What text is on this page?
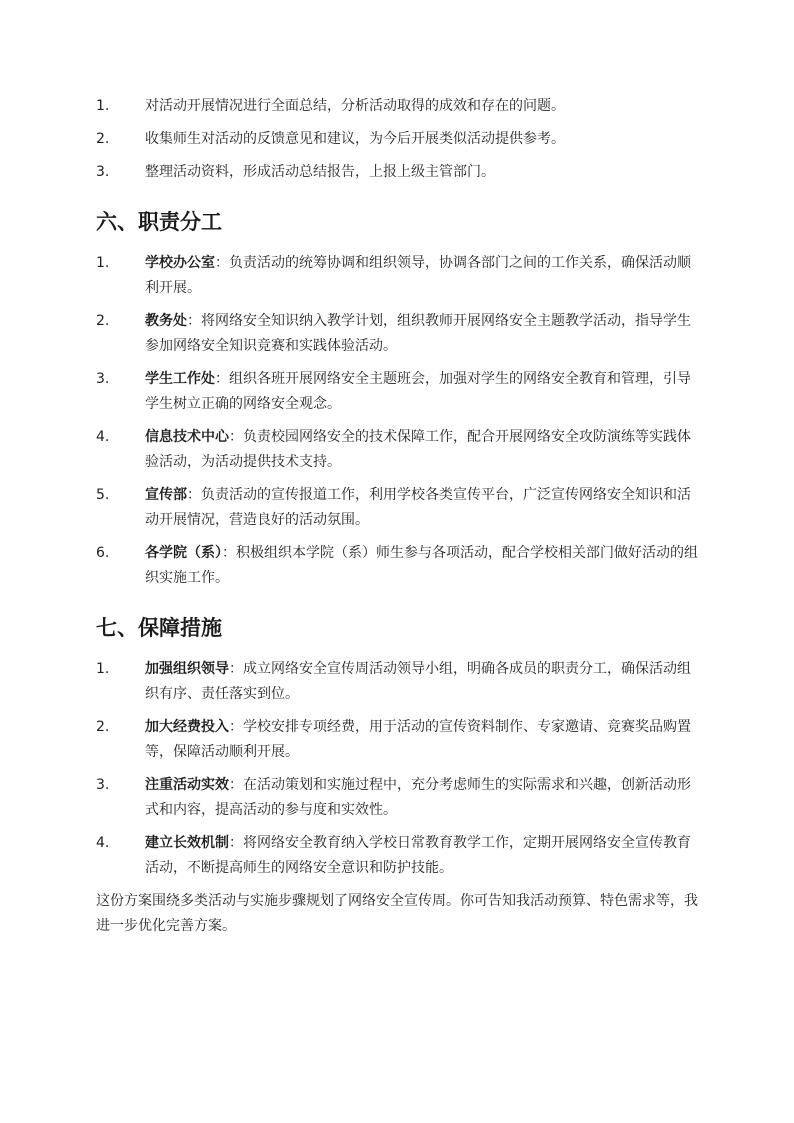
1.	对活动开展情况进行全面总结，分析活动取得的成效和存在的问题。
2.	收集师生对活动的反馈意见和建议，为今后开展类似活动提供参考。
3.	整理活动资料，形成活动总结报告，上报上级主管部门。
六、职责分工
1.	学校办公室：负责活动的统筹协调和组织领导，协调各部门之间的工作关系，确保活动顺利开展。
2.	教务处：将网络安全知识纳入教学计划，组织教师开展网络安全主题教学活动，指导学生参加网络安全知识竞赛和实践体验活动。
3.	学生工作处：组织各班开展网络安全主题班会，加强对学生的网络安全教育和管理，引导学生树立正确的网络安全观念。
4.	信息技术中心：负责校园网络安全的技术保障工作，配合开展网络安全攻防演练等实践体验活动，为活动提供技术支持。
5.	宣传部：负责活动的宣传报道工作，利用学校各类宣传平台，广泛宣传网络安全知识和活动开展情况，营造良好的活动氛围。
6.	各学院（系）：积极组织本学院（系）师生参与各项活动，配合学校相关部门做好活动的组织实施工作。
七、保障措施
1.	加强组织领导：成立网络安全宣传周活动领导小组，明确各成员的职责分工，确保活动组织有序、责任落实到位。
2.	加大经费投入：学校安排专项经费，用于活动的宣传资料制作、专家邀请、竞赛奖品购置等，保障活动顺利开展。
3.	注重活动实效：在活动策划和实施过程中，充分考虑师生的实际需求和兴趣，创新活动形式和内容，提高活动的参与度和实效性。
4.	建立长效机制：将网络安全教育纳入学校日常教育教学工作，定期开展网络安全宣传教育活动，不断提高师生的网络安全意识和防护技能。

这份方案围绕多类活动与实施步骤规划了网络安全宣传周。你可告知我活动预算、特色需求等，我进一步优化完善方案。
